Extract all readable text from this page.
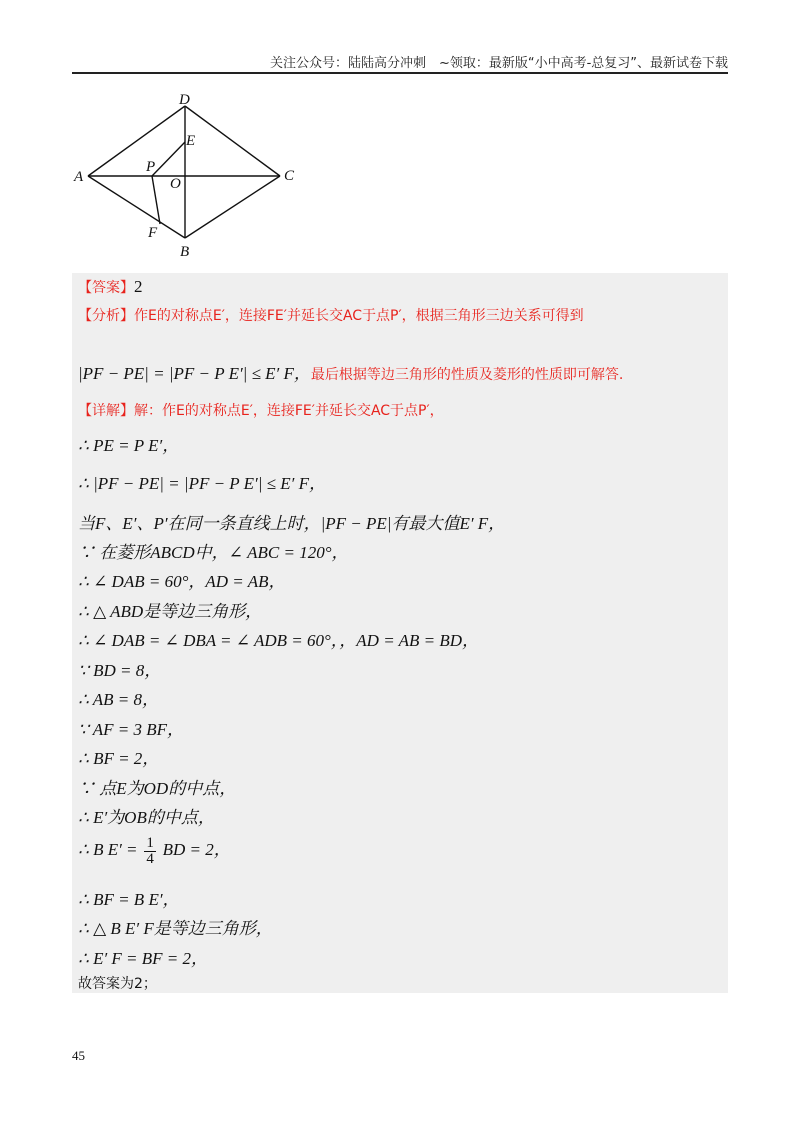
关注公众号：陆陆高分冲刺　~领取：最新版“小中高考-总复习”、最新试卷下载
A
B
C
D
E
F
O
P
【答案】2
【分析】作E的对称点E′，连接FE′并延长交AC于点P′，根据三角形三边关系可得到
|PF − PE| = |PF − P E′| ≤ E′ F，最后根据等边三角形的性质及菱形的性质即可解答.
【详解】解：作E的对称点E′，连接FE′并延长交AC于点P′，
∴ PE = P E′，
∴ |PF − PE| = |PF − P E′| ≤ E′ F，
当F、E′、P′在同一条直线上时，|PF − PE|有最大值E′ F，
∵ 在菱形ABCD中，∠ ABC = 120°，
∴ ∠ DAB = 60°，AD = AB，
∴ △ ABD是等边三角形，
∴ ∠ DAB = ∠ DBA = ∠ ADB = 60°，，AD = AB = BD，
∵ BD = 8，
∴ AB = 8，
∵ AF = 3 BF，
∴ BF = 2，
∵ 点E为OD的中点，
∴ E′为OB的中点，
∴ B $E' = \frac{1}{4}$ BD = 2，
∴ BF = B E′，
∴ △ B E′ F是等边三角形，
∴ E′ F = BF = 2，
故答案为2；
45
